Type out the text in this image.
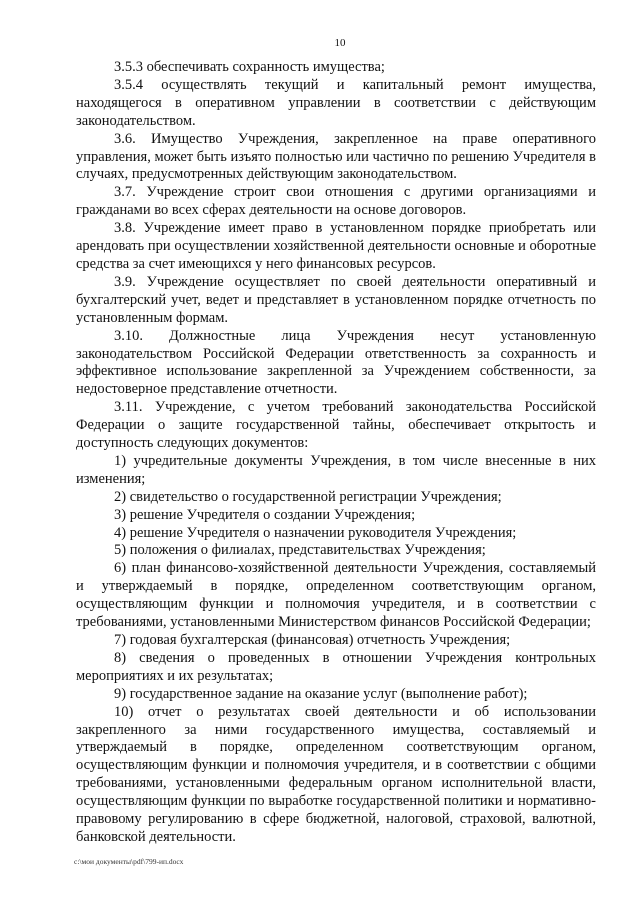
10

3.5.3 обеспечивать сохранность имущества;

3.5.4 осуществлять текущий и капитальный ремонт имущества, находящегося в оперативном управлении в соответствии с действующим законодательством.

3.6. Имущество Учреждения, закрепленное на праве оперативного управления, может быть изъято полностью или частично по решению Учредителя в случаях, предусмотренных действующим законодательством.

3.7. Учреждение строит свои отношения с другими организациями и гражданами во всех сферах деятельности на основе договоров.

3.8. Учреждение имеет право в установленном порядке приобретать или арендовать при осуществлении хозяйственной деятельности основные и оборотные средства за счет имеющихся у него финансовых ресурсов.

3.9. Учреждение осуществляет по своей деятельности оперативный и бухгалтерский учет, ведет и представляет в установленном порядке отчетность по установленным формам.

3.10. Должностные лица Учреждения несут установленную законодательством Российской Федерации ответственность за сохранность и эффективное использование закрепленной за Учреждением собственности, за недостоверное представление отчетности.

3.11. Учреждение, с учетом требований законодательства Российской Федерации о защите государственной тайны, обеспечивает открытость и доступность следующих документов:

1) учредительные документы Учреждения, в том числе внесенные в них изменения;

2) свидетельство о государственной регистрации Учреждения;

3) решение Учредителя о создании Учреждения;

4) решение Учредителя о назначении руководителя Учреждения;

5) положения о филиалах, представительствах Учреждения;

6) план финансово-хозяйственной деятельности Учреждения, составляемый и утверждаемый в порядке, определенном соответствующим органом, осуществляющим функции и полномочия учредителя, и в соответствии с требованиями, установленными Министерством финансов Российской Федерации;

7) годовая бухгалтерская (финансовая) отчетность Учреждения;

8) сведения о проведенных в отношении Учреждения контрольных мероприятиях и их результатах;

9) государственное задание на оказание услуг (выполнение работ);

10) отчет о результатах своей деятельности и об использовании закрепленного за ними государственного имущества, составляемый и утверждаемый в порядке, определенном соответствующим органом, осуществляющим функции и полномочия учредителя, и в соответствии с общими требованиями, установленными федеральным органом исполнительной власти, осуществляющим функции по выработке государственной политики и нормативно-правовому регулированию в сфере бюджетной, налоговой, страховой, валютной, банковской деятельности.

c:\мои документы\pdf\799-ип.docx
